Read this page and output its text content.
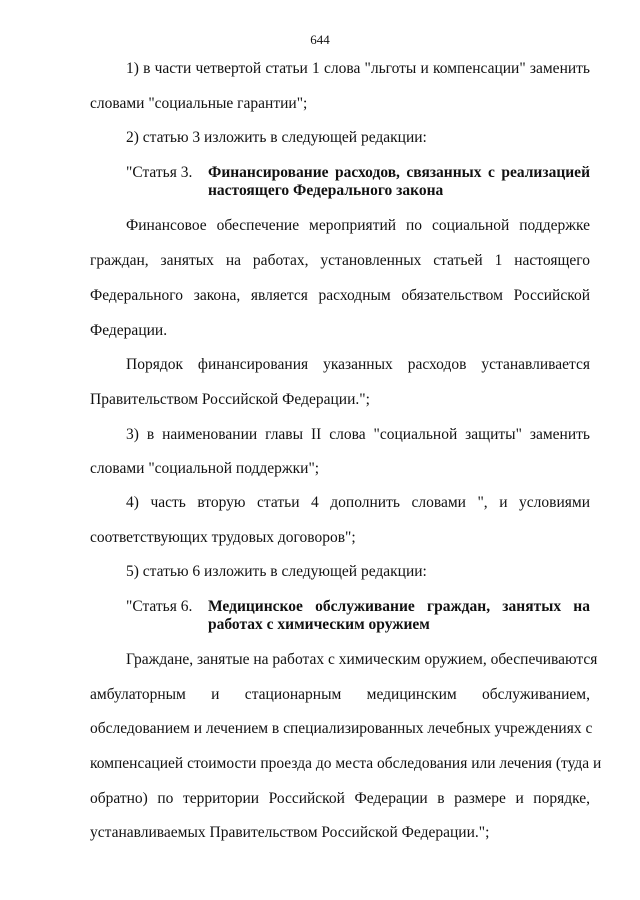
644
1) в части четвертой статьи 1 слова "льготы и компенсации" заменить
словами "социальные гарантии";
2) статью 3 изложить в следующей редакции:
"Статья 3. Финансирование расходов, связанных с реализацией
настоящего Федерального закона
Финансовое обеспечение мероприятий по социальной поддержке
граждан, занятых на работах, установленных статьей 1 настоящего
Федерального закона, является расходным обязательством Российской
Федерации.
Порядок финансирования указанных расходов устанавливается
Правительством Российской Федерации.";
3) в наименовании главы II слова "социальной защиты" заменить
словами "социальной поддержки";
4) часть вторую статьи 4 дополнить словами ", и условиями
соответствующих трудовых договоров";
5) статью 6 изложить в следующей редакции:
"Статья 6. Медицинское обслуживание граждан, занятых на
работах с химическим оружием
Граждане, занятые на работах с химическим оружием, обеспечиваются
амбулаторным и стационарным медицинским обслуживанием,
обследованием и лечением в специализированных лечебных учреждениях с
компенсацией стоимости проезда до места обследования или лечения (туда и
обратно) по территории Российской Федерации в размере и порядке,
устанавливаемых Правительством Российской Федерации.";
